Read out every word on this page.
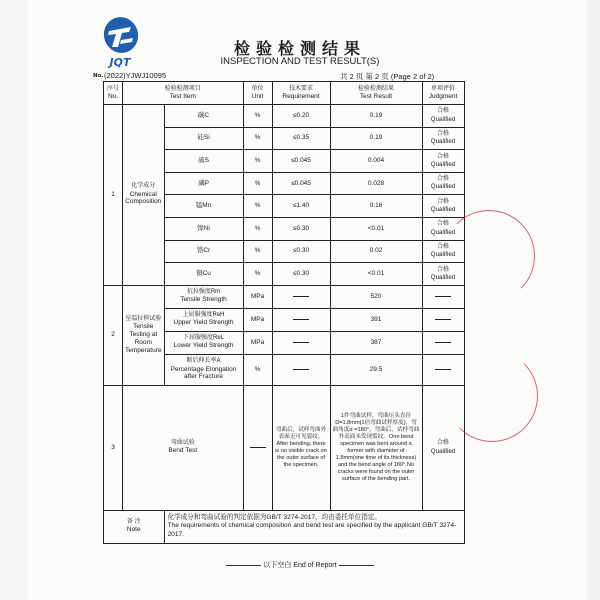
JQT
检验检测结果
INSPECTION AND TEST RESULT(S)
No. (2022)YJWJ10095	共 2 页 第 2 页 (Page 2 of 2)
序号
No.	检验检测项目
Test Item		单位
Unit	技术要求
Requirement	检验检测结果
Test Result	单项评价
Judgment
1	化学成分
Chemical Composition	碳C	%	≤0.20	0.19	合格
Qualified
		硅Si	%	≤0.35	0.19	合格
Qualified
		硫S	%	≤0.045	0.004	合格
Qualified
		磷P	%	≤0.045	0.028	合格
Qualified
		锰Mn	%	≤1.40	0.16	合格
Qualified
		镍Ni	%	≤0.30	<0.01	合格
Qualified
		铬Cr	%	≤0.30	0.02	合格
Qualified
		铜Cu	%	≤0.30	<0.01	合格
Qualified
2	室温拉伸试验
Tensile Testing at Room Temperature	抗拉强度Rm
Tensile Strength	MPa		520	

		上屈服强度ReH
Upper Yield Strength	MPa		391	

		下屈服强度ReL
Lower Yield Strength	MPa		387	

		断后伸长率A
Percentage Elongation after Fracture	%		29.5	
3	弯曲试验
Bend Test			弯曲后，试样弯曲外表面无可见裂纹。After bending, there is no visible crack on the outer surface of the specimen.	1件弯曲试样，弯曲压头直径D=1.8mm(1倍弯曲试样厚度)，弯曲角度α =180°。弯曲后，试样弯曲外表面未发现裂纹。One bend specimen was bent around a former with diameter of 1.8mm(one time of its thickness) and the bend angle of 180°.No cracks were found on the outer surface of the bending part.	合格
Qualified

备 注
Note		化学成分和弯曲试验的判定依据为GB/T 3274-2017，均由委托单位指定。
The requirements of chemical composition and bend test are specified by the applicant GB/T 3274-2017.				
以下空白 End of Report
